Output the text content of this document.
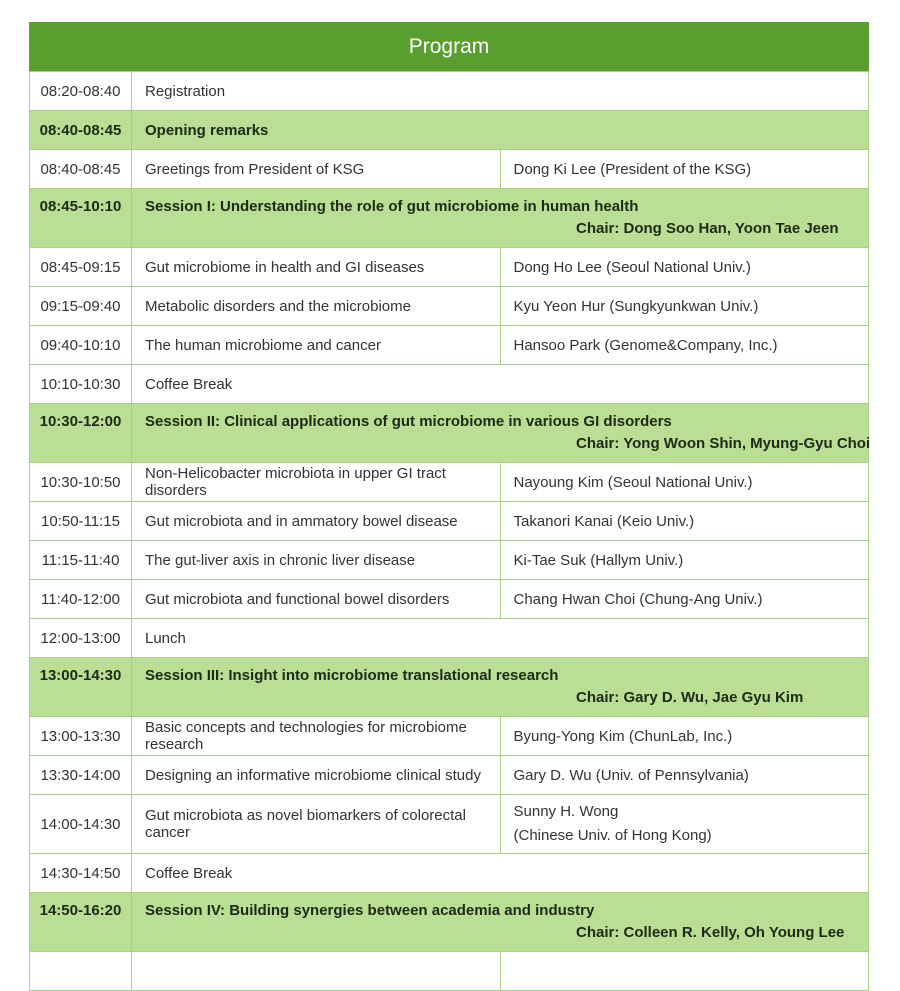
Program
08:20-08:40	Registration	
08:40-08:45	Opening remarks	
08:40-08:45	Greetings from President of KSG	Dong Ki Lee (President of the KSG)
08:45-10:10	Session I: Understanding the role of gut microbiome in human health
Chair: Dong Soo Han, Yoon Tae Jeen	

08:45-09:15	Gut microbiome in health and GI diseases	Dong Ho Lee (Seoul National Univ.)
09:15-09:40	Metabolic disorders and the microbiome	Kyu Yeon Hur (Sungkyunkwan Univ.)
09:40-10:10	The human microbiome and cancer	Hansoo Park (Genome&Company, Inc.)
10:10-10:30	Coffee Break	
10:30-12:00	Session II: Clinical applications of gut microbiome in various GI disorders
Chair: Yong Woon Shin, Myung-Gyu Choi	

10:30-10:50	Non-Helicobacter microbiota in upper GI tract disorders	Nayoung Kim (Seoul National Univ.)
10:50-11:15	Gut microbiota and in ammatory bowel disease	Takanori Kanai (Keio Univ.)
11:15-11:40	The gut-liver axis in chronic liver disease	Ki-Tae Suk (Hallym Univ.)
11:40-12:00	Gut microbiota and functional bowel disorders	Chang Hwan Choi (Chung-Ang Univ.)
12:00-13:00	Lunch	
13:00-14:30	Session III: Insight into microbiome translational research
Chair: Gary D. Wu, Jae Gyu Kim	

13:00-13:30	Basic concepts and technologies for microbiome research	Byung-Yong Kim (ChunLab, Inc.)
13:30-14:00	Designing an informative microbiome clinical study	Gary D. Wu (Univ. of Pennsylvania)
14:00-14:30	Gut microbiota as novel biomarkers of colorectal cancer	Sunny H. Wong
(Chinese Univ. of Hong Kong)

14:30-14:50	Coffee Break	
14:50-16:20	Session IV: Building synergies between academia and industry
Chair: Colleen R. Kelly, Oh Young Lee	
